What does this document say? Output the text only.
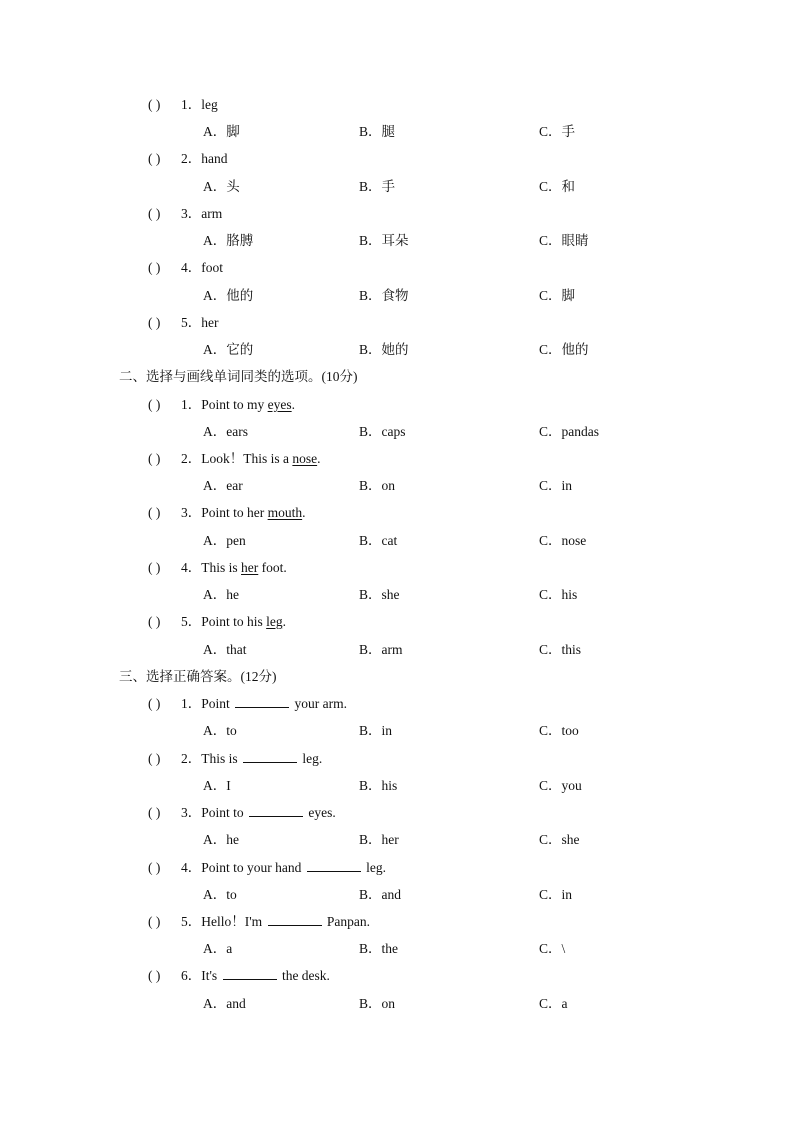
( ) 1．leg
A．脚	B．腿	C．手
( ) 2．hand
A．头	B．手	C．和
( ) 3．arm
A．胳膊	B．耳朵	C．眼睛
( ) 4．foot
A．他的	B．食物	C．脚
( ) 5．her
A．它的	B．她的	C．他的
二、选择与画线单词同类的选项。(10分)
( ) 1．Point to my eyes.
A．ears	B．caps	C．pandas
( ) 2．Look！This is a nose.
A．ear	B．on	C．in
( ) 3．Point to her mouth.
A．pen	B．cat	C．nose
( ) 4．This is her foot.
A．he	B．she	C．his
( ) 5．Point to his leg.
A．that	B．arm	C．this
三、选择正确答案。(12分)
( ) 1．Point	your arm.
A．to	B．in	C．too
( ) 2．This is	leg.
A．I	B．his	C．you
( ) 3．Point to	eyes.
A．he	B．her	C．she
( ) 4．Point to your hand	leg.
A．to	B．and	C．in
( ) 5．Hello！I'm	Panpan.
A．a	B．the	C．\
( ) 6．It's	the desk.
A．and	B．on	C．a
